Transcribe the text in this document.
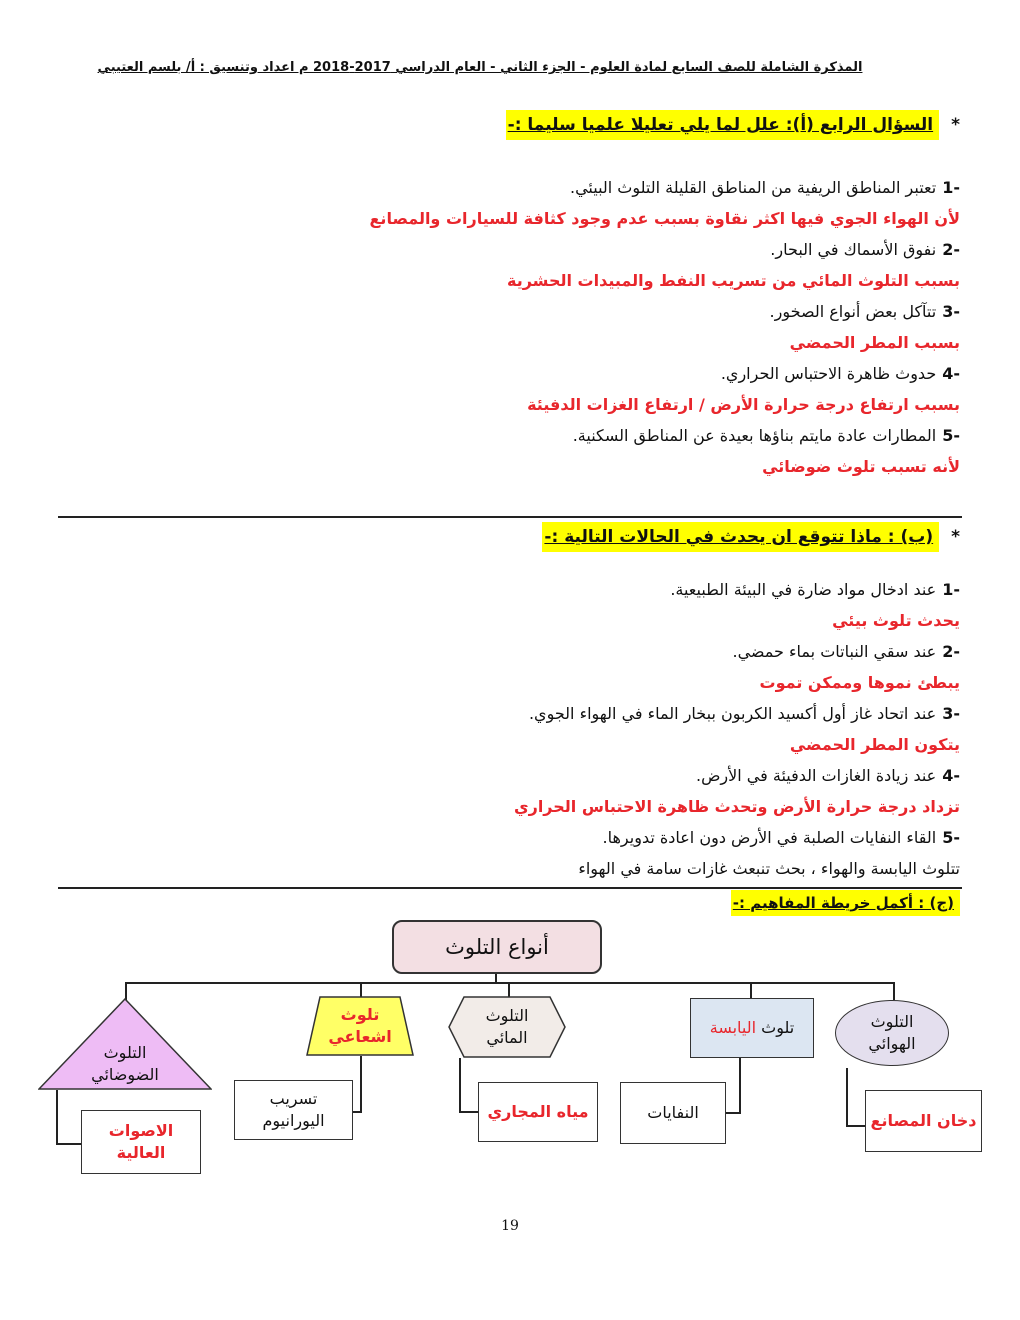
المذكرة الشاملة للصف السابع لمادة العلوم - الجزء الثاني - العام الدراسي 2017-2018 م اعداد وتنسيق : أ/ بلسم العتيبي
*السؤال الرابع (أ): علل لما يلي تعليلا علميا سليما :-
-1تعتبر المناطق الريفية من المناطق القليلة التلوث البيئي.
لأن الهواء الجوي فيها اكثر نقاوة بسبب عدم وجود كثافة للسيارات والمصانع
-2نفوق الأسماك في البحار.
بسبب التلوث المائي من تسريب النفط والمبيدات الحشرية
-3تتآكل بعض أنواع الصخور.
بسبب المطر الحمضي
-4حدوث ظاهرة الاحتباس الحراري.
بسبب ارتفاع درجة حرارة الأرض / ارتفاع الغزات الدفيئة
-5المطارات عادة مايتم بناؤها بعيدة عن المناطق السكنية.
لأنه تسبب تلوث ضوضائي
*(ب) : ماذا تتوقع ان يحدث في الحالات التالية :-
-1عند ادخال مواد ضارة في البيئة الطبيعية.
يحدث تلوث بيئي
-2عند سقي النباتات بماء حمضي.
يبطئ نموها وممكن تموت
-3عند اتحاد غاز أول أكسيد الكربون ببخار الماء في الهواء الجوي.
يتكون المطر الحمضي
-4عند زيادة الغازات الدفيئة في الأرض.
تزداد درجة حرارة الأرض وتحدث ظاهرة الاحتباس الحراري
-5القاء النفايات الصلبة في الأرض دون اعادة تدويرها.
تتلوث اليابسة والهواء ، بحث تنبعث غازات سامة في الهواء
(ج) : أكمل خريطة المفاهيم :-
أنواع التلوث
التلوث
الهوائي
دخان المصانع
تلوث اليابسة
النفايات
التلوث
المائي
مياه المجاري
تلوث
اشعاعي
تسريب
اليورانيوم
التلوث
الضوضائي
الاصوات
العالية
19
